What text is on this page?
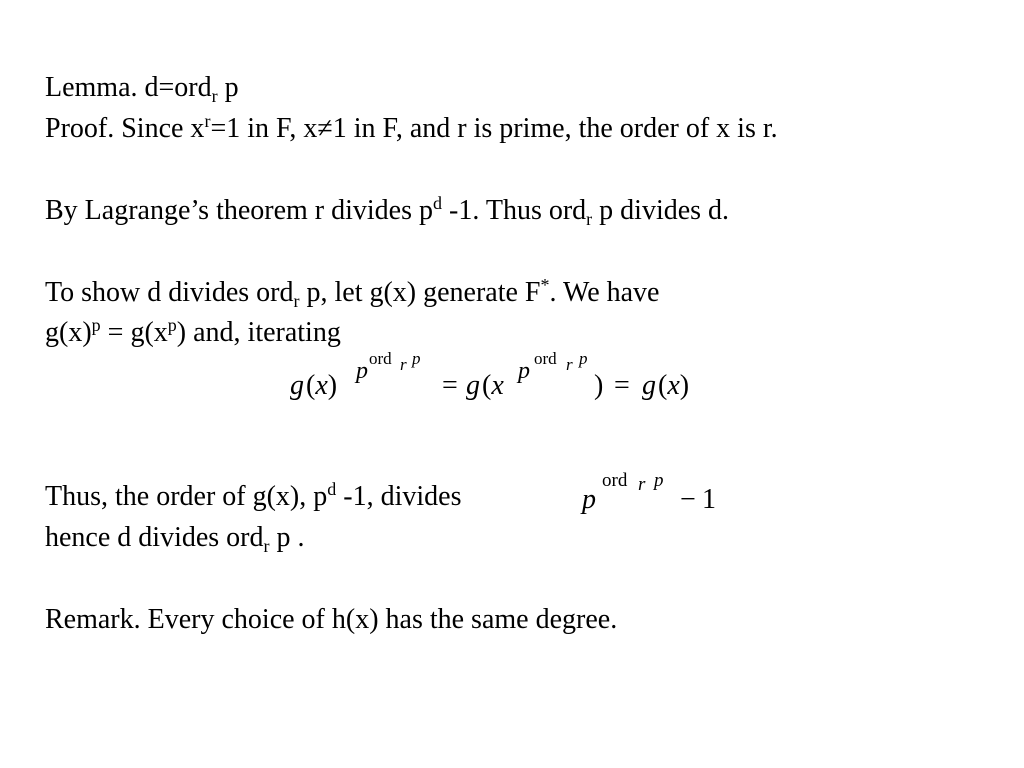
Lemma. d=ord$_r$ p
Proof. Since $x^r=1$ in F, x≠1 in F, and r is prime, the order of x is r.
By Lagrange’s theorem r divides $p^d$ -1. Thus ord$_r$ p divides d.
To show d divides ord$_r$ p, let g(x) generate F*. We have
$g(x)^p = g(x^p)$ and, iterating
g (x) p ord r p
= g (x p ord r p
) = g (x)
Thus, the order of g(x), $p^d$ -1, divides	p
ord r p
− 1
hence d divides ord$_r$ p .
Remark. Every choice of h(x) has the same degree.
